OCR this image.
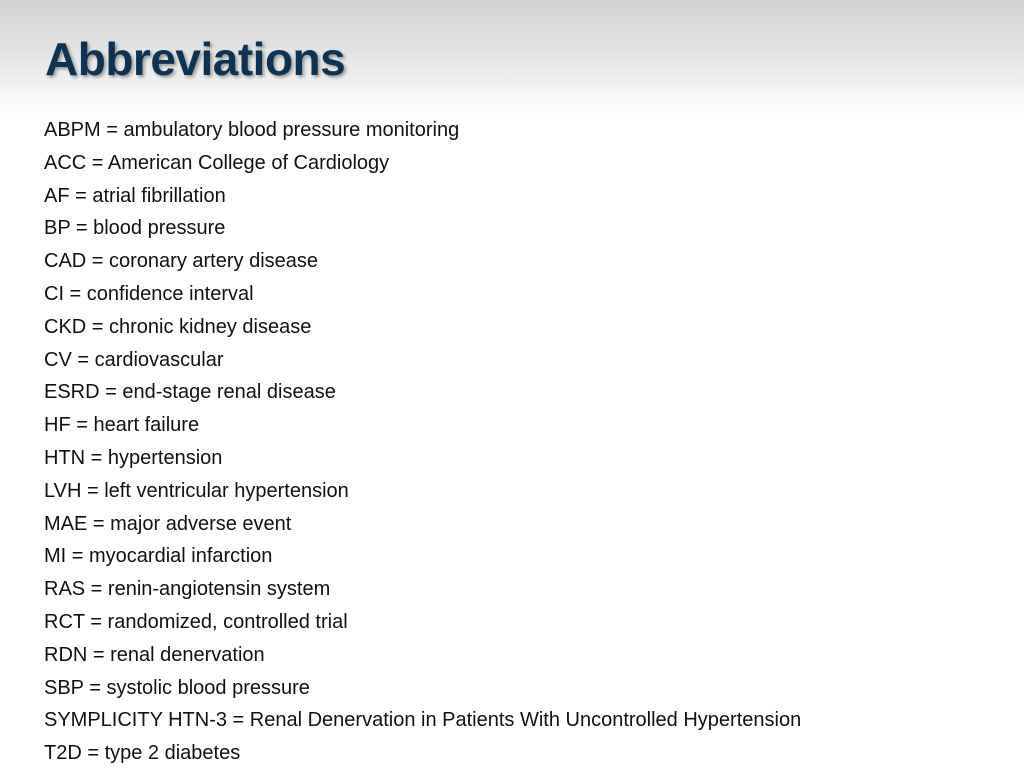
Abbreviations
ABPM = ambulatory blood pressure monitoring
ACC = American College of Cardiology
AF = atrial fibrillation
BP = blood pressure
CAD = coronary artery disease
CI = confidence interval
CKD = chronic kidney disease
CV = cardiovascular
ESRD = end-stage renal disease
HF = heart failure
HTN = hypertension
LVH = left ventricular hypertension
MAE = major adverse event
MI = myocardial infarction
RAS = renin-angiotensin system
RCT = randomized, controlled trial
RDN = renal denervation
SBP = systolic blood pressure
SYMPLICITY HTN-3 = Renal Denervation in Patients With Uncontrolled Hypertension
T2D = type 2 diabetes
